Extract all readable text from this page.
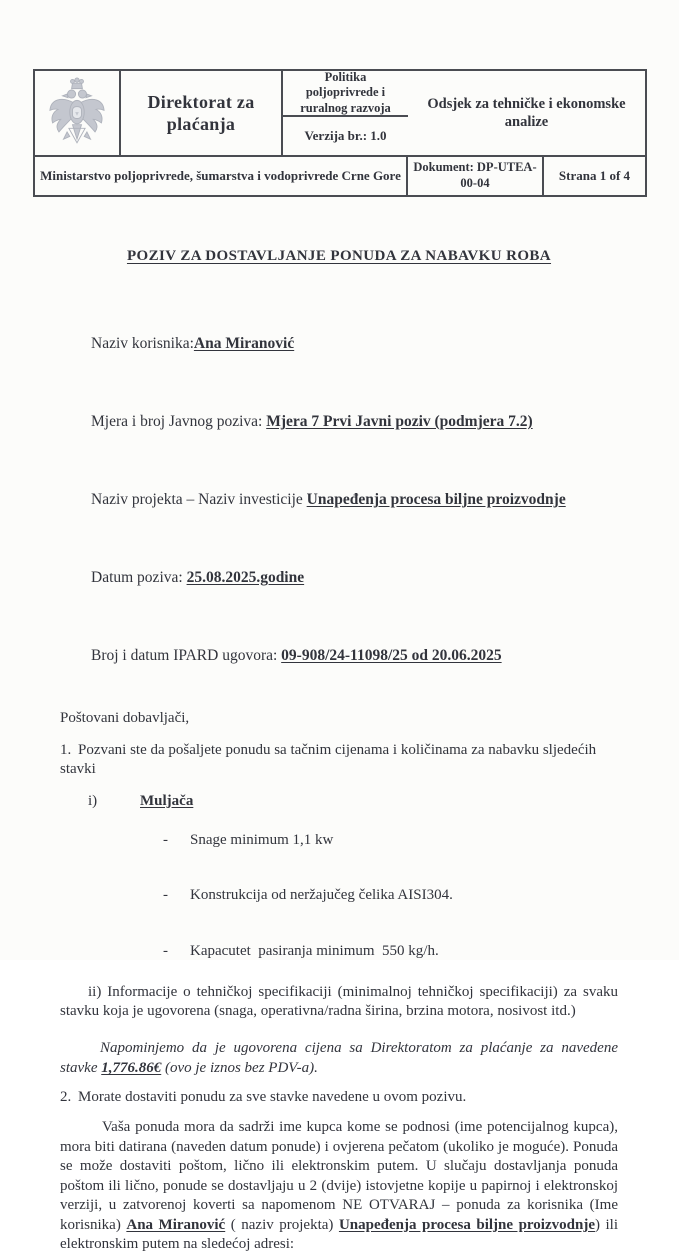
Direktorat za plaćanja
Politika poljoprivrede i ruralnog razvoja
Verzija br.: 1.0
Odsjek za tehničke i ekonomske analize
Ministarstvo poljoprivrede, šumarstva i vodoprivrede Crne Gore
Dokument: DP-UTEA-00-04
Strana 1 of 4
POZIV ZA DOSTAVLJANJE PONUDA ZA NABAVKU ROBA

Naziv korisnika:Ana Miranović

Mjera i broj Javnog poziva: Mjera 7 Prvi Javni poziv (podmjera 7.2)

Naziv projekta – Naziv investicije Unapeđenja procesa biljne proizvodnje

Datum poziva: 25.08.2025.godine

Broj i datum IPARD ugovora: 09-908/24-11098/25 od 20.06.2025

Poštovani dobavljači,
1. Pozvani ste da pošaljete ponudu sa tačnim cijenama i količinama za nabavku sljedećih stavki
i)	Muljača

- Snage minimum 1,1 kw

- Konstrukcija od neržajučeg čelika AISI304.

- Kapacutet  pasiranja minimum  550 kg/h.

ii) Informacije o tehničkoj specifikaciji (minimalnoj tehničkoj specifikaciji) za svaku stavku koja je ugovorena (snaga, operativna/radna širina, brzina motora, nosivost itd.)
Napominjemo da je ugovorena cijena sa Direktoratom za plaćanje za navedene stavke 1,776.86€ (ovo je iznos bez PDV-a).
2. Morate dostaviti ponudu za sve stavke navedene u ovom pozivu.
Vaša ponuda mora da sadrži ime kupca kome se podnosi (ime potencijalnog kupca), mora biti datirana (naveden datum ponude) i ovjerena pečatom (ukoliko je moguće). Ponuda se može dostaviti poštom, lično ili elektronskim putem. U slučaju dostavljanja ponuda poštom ili lično, ponude se dostavljaju u 2 (dvije) istovjetne kopije u papirnoj i elektronskoj verziji, u zatvorenoj koverti sa napomenom NE OTVARAJ – ponuda za korisnika (Ime korisnika) Ana Miranović ( naziv projekta) Unapeđenja procesa biljne proizvodnje) ili elektronskim putem na sledećoj adresi:
